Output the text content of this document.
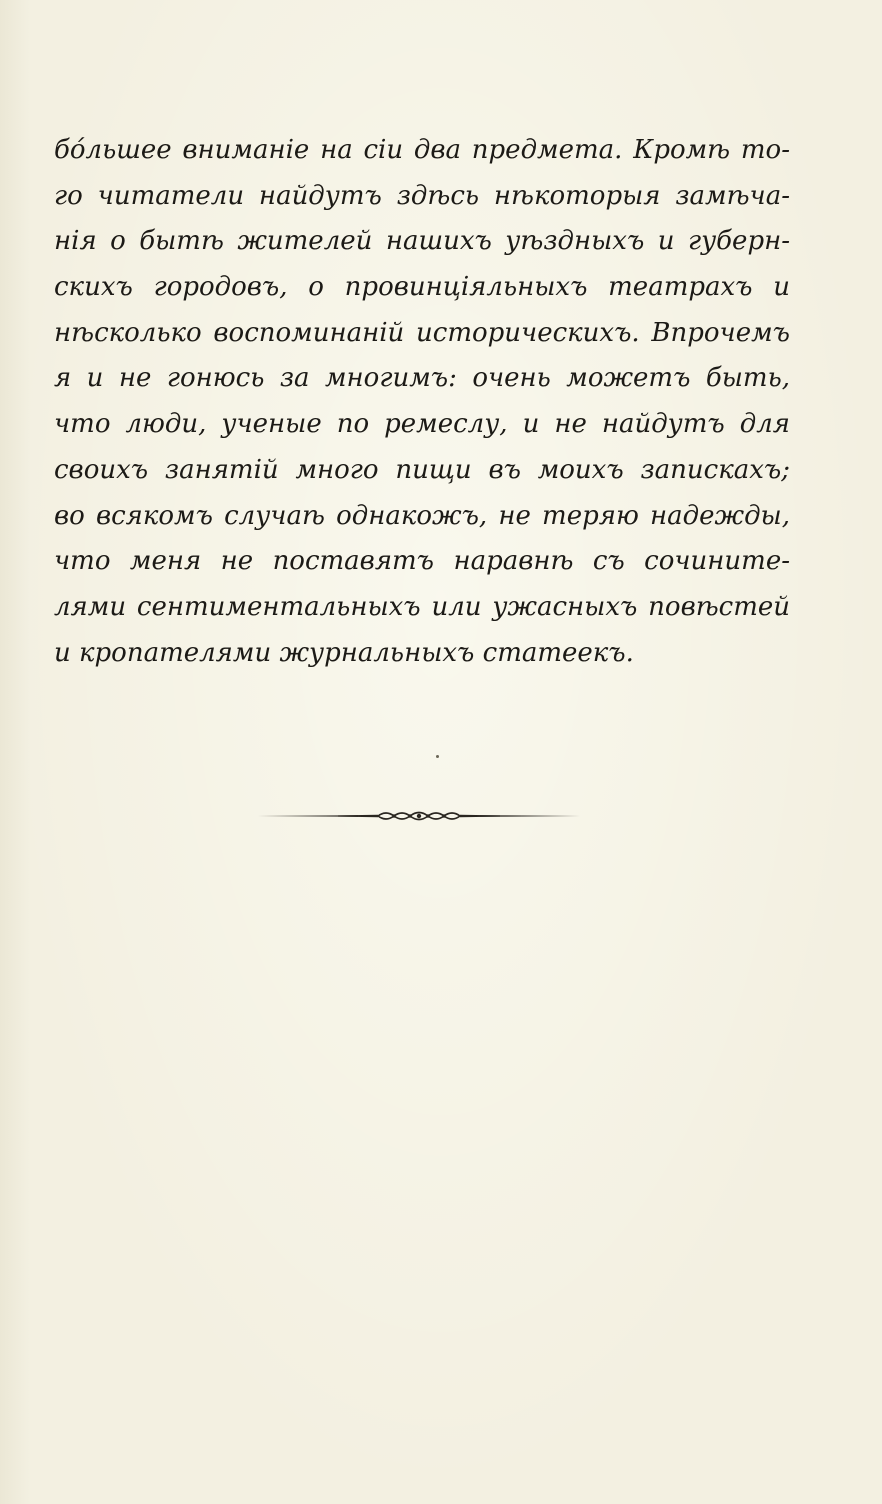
бо́льшее вниманіе на сіи два предмета. Кромѣ то-
го читатели найдутъ здѣсь нѣкоторыя замѣча-
нія о бытѣ жителей нашихъ уѣздныхъ и губерн-
скихъ городовъ, о провинціяльныхъ театрахъ и
нѣсколько воспоминаній историческихъ. Впрочемъ
я и не гонюсь за многимъ: очень можетъ быть,
что люди, ученые по ремеслу, и не найдутъ для
своихъ занятій много пищи въ моихъ запискахъ;
во всякомъ случаѣ однакожъ, не теряю надежды,
что меня не поставятъ наравнѣ съ сочините-
лями сентиментальныхъ или ужасныхъ повѣстей
и кропателями журнальныхъ статеекъ.
